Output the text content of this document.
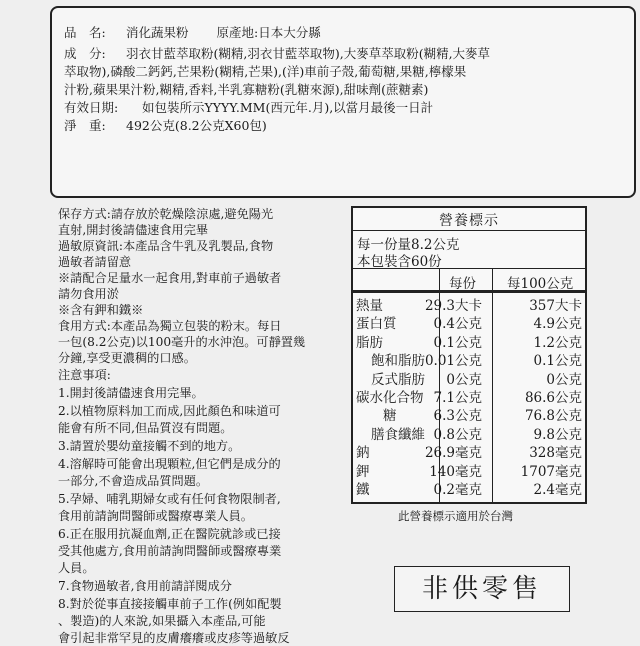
品　名: 消化蔬果粉 原產地:日本大分縣
成　分: 羽衣甘藍萃取粉(糊精,羽衣甘藍萃取物),大麥草萃取粉(糊精,大麥草
萃取物),磷酸二鈣鈣,芒果粉(糊精,芒果),(洋)車前子殼,葡萄糖,果糖,檸檬果
汁粉,蘋果果汁粉,糊精,香料,半乳寡糖粉(乳糖來源),甜味劑(蔗糖素)
有效日期: 如包裝所示YYYY.MM(西元年.月),以當月最後一日計
淨　重: 492公克(8.2公克X60包)
保存方式:請存放於乾燥陰涼處,避免陽光
直射,開封後請儘速食用完畢
過敏原資訊:本產品含牛乳及乳製品,食物
過敏者請留意
※請配合足量水一起食用,對車前子過敏者
請勿食用淤
※含有鉀和鐵※
食用方式:本產品為獨立包裝的粉末。每日
一包(8.2公克)以100毫升的水沖泡。可靜置幾
分鐘,享受更濃稠的口感。
注意事項:
1.開封後請儘速食用完畢。
2.以植物原料加工而成,因此顏色和味道可
能會有所不同,但品質沒有問題。
3.請置於嬰幼童接觸不到的地方。
4.溶解時可能會出現顆粒,但它們是成分的
一部分,不會造成品質問題。
5.孕婦、哺乳期婦女或有任何食物限制者,
食用前請詢問醫師或醫療專業人員。
6.正在服用抗凝血劑,正在醫院就診或已接
受其他處方,食用前請詢問醫師或醫療專業
人員。
7.食物過敏者,食用前請詳閱成分
8.對於從事直接接觸車前子工作(例如配製
、製造)的人來說,如果攝入本產品,可能
會引起非常罕見的皮膚癢癢或皮疹等過敏反
營養標示
每一份量8.2公克
本包裝含60份
每份 每100公克
熱量	29.3大卡	357大卡
蛋白質	0.4公克	4.9公克
脂肪	0.1公克	1.2公克
飽和脂肪 0.01公克	0.1公克
反式脂肪 0公克	0公克
碳水化合物 7.1公克	86.6公克
糖	6.3公克	76.8公克
膳食纖維 0.8公克	9.8公克
鈉	26.9毫克	328毫克
鉀	140毫克	1707毫克
鐵	0.2毫克	2.4毫克
此營養標示適用於台灣
非供零售
